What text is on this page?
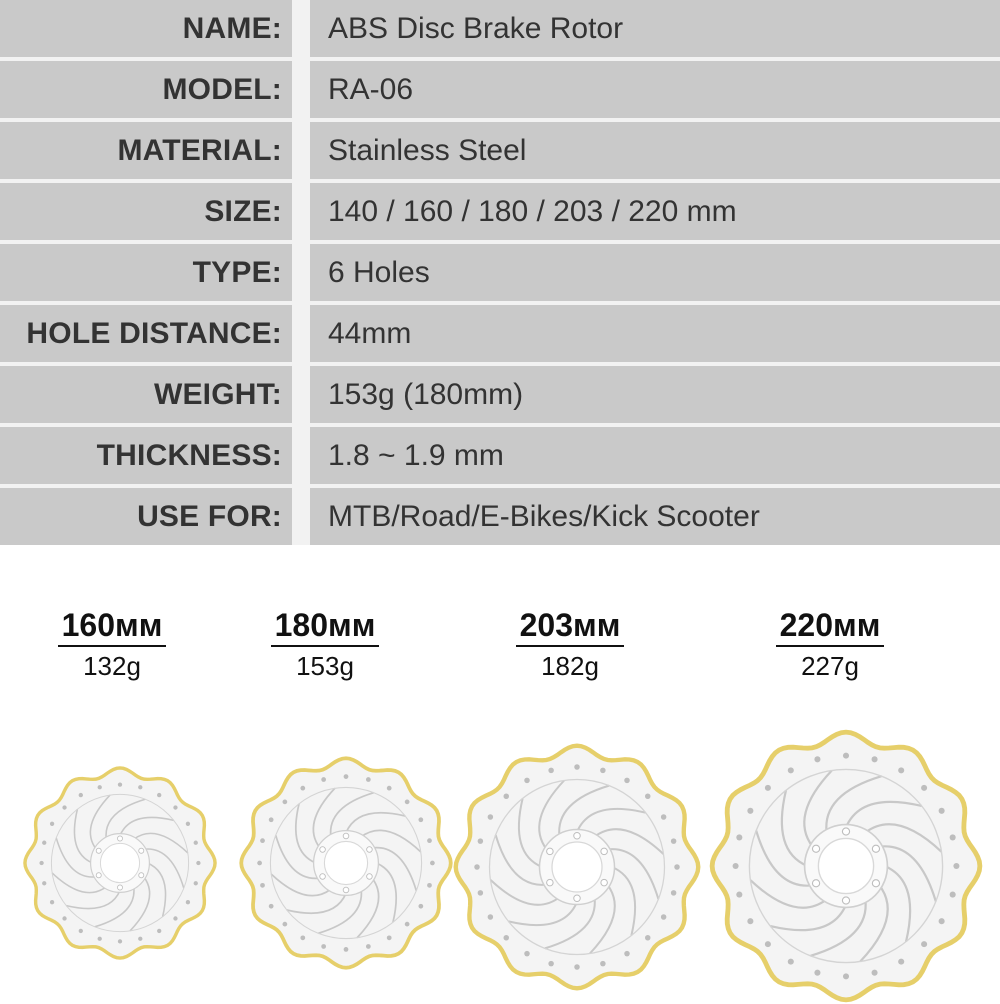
NAME:	ABS Disc Brake Rotor
MODEL:	RA-06
MATERIAL:	Stainless Steel
SIZE:	140 / 160 / 180 / 203 / 220 mm
TYPE:	6 Holes
HOLE DISTANCE:	44mm
WEIGHT:	153g (180mm)
THICKNESS:	1.8 ~ 1.9 mm
USE FOR:	MTB/Road/E-Bikes/Kick Scooter
160мм
132g
180мм
153g
203мм
182g
220мм
227g
